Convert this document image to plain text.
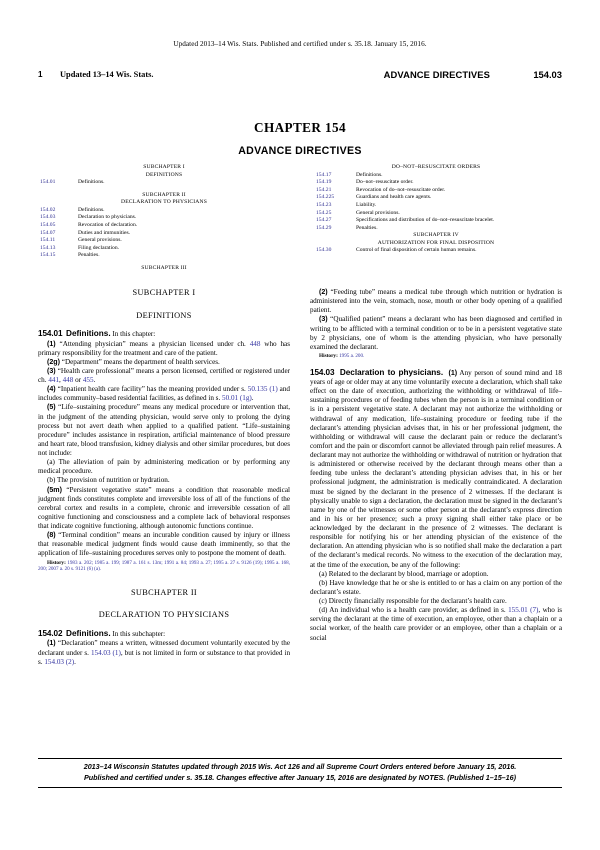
Updated 2013–14 Wis. Stats. Published and certified under s. 35.18. January 15, 2016.
1 Updated 13–14 Wis. Stats.	ADVANCE DIRECTIVES	154.03
CHAPTER 154
ADVANCE DIRECTIVES
SUBCHAPTER I
DEFINITIONS
154.01	Definitions.
SUBCHAPTER II
DECLARATION TO PHYSICIANS
154.02	Definitions.
154.03	Declaration to physicians.
154.05	Revocation of declaration.
154.07	Duties and immunities.
154.11	General provisions.
154.13	Filing declaration.
154.15	Penalties.
SUBCHAPTER III
DO–NOT–RESUSCITATE ORDERS
154.17	Definitions.
154.19	Do–not–resuscitate order.
154.21	Revocation of do–not–resuscitate order.
154.225	Guardians and health care agents.
154.23	Liability.
154.25	General provisions.
154.27	Specifications and distribution of do–not–resuscitate bracelet.
154.29	Penalties.
SUBCHAPTER IV
AUTHORIZATION FOR FINAL DISPOSITION
154.30	Control of final disposition of certain human remains.
SUBCHAPTER I
DEFINITIONS

154.01 Definitions. In this chapter:

(1) “Attending physician” means a physician licensed under ch. 448 who has primary responsibility for the treatment and care of the patient.

(2g) “Department” means the department of health services.

(3) “Health care professional” means a person licensed, certified or registered under ch. 441, 448 or 455.

(4) “Inpatient health care facility” has the meaning provided under s. 50.135 (1) and includes community–based residential facilities, as defined in s. 50.01 (1g).

(5) “Life–sustaining procedure” means any medical procedure or intervention that, in the judgment of the attending physician, would serve only to prolong the dying process but not avert death when applied to a qualified patient. “Life–sustaining procedure” includes assistance in respiration, artificial maintenance of blood pressure and heart rate, blood transfusion, kidney dialysis and other similar procedures, but does not include:

(a) The alleviation of pain by administering medication or by performing any medical procedure.

(b) The provision of nutrition or hydration.

(5m) “Persistent vegetative state” means a condition that reasonable medical judgment finds constitutes complete and irreversible loss of all of the functions of the cerebral cortex and results in a complete, chronic and irreversible cessation of all cognitive functioning and consciousness and a complete lack of behavioral responses that indicate cognitive functioning, although autonomic functions continue.

(8) “Terminal condition” means an incurable condition caused by injury or illness that reasonable medical judgment finds would cause death imminently, so that the application of life–sustaining procedures serves only to postpone the moment of death.

History: 1983 a. 202; 1985 a. 199; 1987 a. 161 s. 13m; 1991 a. 84; 1993 a. 27; 1995 a. 27 s. 9126 (19); 1995 a. 168, 200; 2007 a. 20 s. 9121 (6) (a).

SUBCHAPTER II
DECLARATION TO PHYSICIANS

154.02 Definitions. In this subchapter:

(1) “Declaration” means a written, witnessed document voluntarily executed by the declarant under s. 154.03 (1), but is not limited in form or substance to that provided in s. 154.03 (2).

(2) “Feeding tube” means a medical tube through which nutrition or hydration is administered into the vein, stomach, nose, mouth or other body opening of a qualified patient.

(3) “Qualified patient” means a declarant who has been diagnosed and certified in writing to be afflicted with a terminal condition or to be in a persistent vegetative state by 2 physicians, one of whom is the attending physician, who have personally examined the declarant.

History: 1995 a. 200.

154.03 Declaration to physicians. (1) Any person of sound mind and 18 years of age or older may at any time voluntarily execute a declaration, which shall take effect on the date of execution, authorizing the withholding or withdrawal of life–sustaining procedures or of feeding tubes when the person is in a terminal condition or is in a persistent vegetative state. A declarant may not authorize the withholding or withdrawal of any medication, life–sustaining procedure or feeding tube if the declarant’s attending physician advises that, in his or her professional judgment, the withholding or withdrawal will cause the declarant pain or reduce the declarant’s comfort and the pain or discomfort cannot be alleviated through pain relief measures. A declarant may not authorize the withholding or withdrawal of nutrition or hydration that is administered or otherwise received by the declarant through means other than a feeding tube unless the declarant’s attending physician advises that, in his or her professional judgment, the administration is medically contraindicated. A declaration must be signed by the declarant in the presence of 2 witnesses. If the declarant is physically unable to sign a declaration, the declaration must be signed in the declarant’s name by one of the witnesses or some other person at the declarant’s express direction and in his or her presence; such a proxy signing shall either take place or be acknowledged by the declarant in the presence of 2 witnesses. The declarant is responsible for notifying his or her attending physician of the existence of the declaration. An attending physician who is so notified shall make the declaration a part of the declarant’s medical records. No witness to the execution of the declaration may, at the time of the execution, be any of the following:

(a) Related to the declarant by blood, marriage or adoption.

(b) Have knowledge that he or she is entitled to or has a claim on any portion of the declarant’s estate.

(c) Directly financially responsible for the declarant’s health care.

(d) An individual who is a health care provider, as defined in s. 155.01 (7), who is serving the declarant at the time of execution, an employee, other than a chaplain or a social worker, of the health care provider or an employee, other than a chaplain or a social

2013–14 Wisconsin Statutes updated through 2015 Wis. Act 126 and all Supreme Court Orders entered before January 15, 2016.
Published and certified under s. 35.18. Changes effective after January 15, 2016 are designated by NOTES. (Published 1–15–16)
